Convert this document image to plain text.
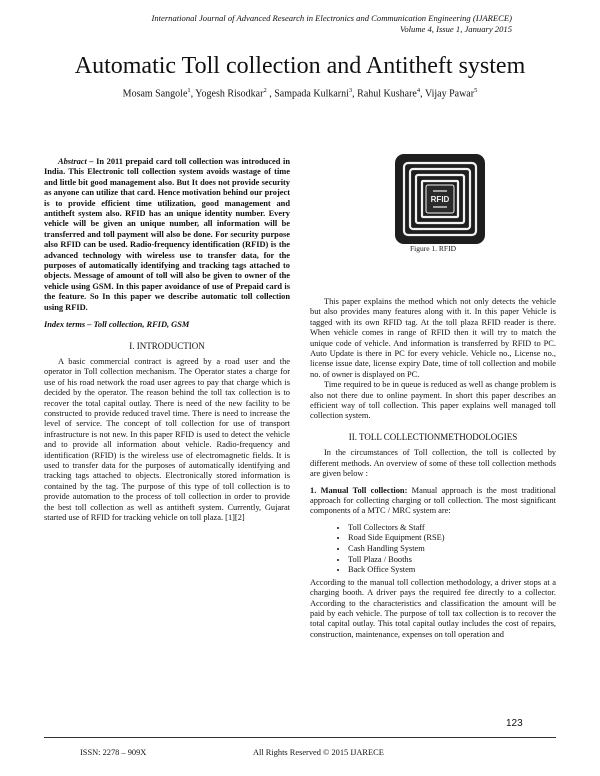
International Journal of Advanced Research in Electronics and Communication Engineering (IJARECE)
Volume 4, Issue 1, January 2015
Automatic Toll collection and Antitheft system
Mosam Sangole$^1$, Yogesh Risodkar$^2$ , Sampada Kulkarni$^3$, Rahul Kushare$^4$, Vijay Pawar$^5$

Abstract – In 2011 prepaid card toll collection was introduced in India. This Electronic toll collection system avoids wastage of time and little bit good management also. But It does not provide security as anyone can utilize that card. Hence motivation behind our project is to provide efficient time utilization, good management and antitheft system also. RFID has an unique identity number. Every vehicle will be given an unique number, all information will be transferred and toll payment will also be done. For security purpose also RFID can be used. Radio-frequency identification (RFID) is the advanced technology with wireless use to transfer data, for the purposes of automatically identifying and tracking tags attached to objects. Message of amount of toll will also be given to owner of the vehicle using GSM. In this paper avoidance of use of Prepaid card is the feature. So In this paper we describe automatic toll collection using RFID.

Index terms – Toll collection, RFID, GSM
I. INTRODUCTION

A basic commercial contract is agreed by a road user and the operator in Toll collection mechanism. The Operator states a charge for use of his road network the road user agrees to pay that charge which is decided by the operator. The reason behind the toll tax collection is to recover the total capital outlay. There is need of the new facility to be constructed to provide reduced travel time. There is need to increase the level of service. The concept of toll collection for use of transport infrastructure is not new. In this paper RFID is used to detect the vehicle and to provide all information about vehicle. Radio-frequency and identification (RFID) is the wireless use of electromagnetic fields. It is used to transfer data for the purposes of automatically identifying and tracking tags attached to objects. Electronically stored information is contained by the tag. The purpose of this type of toll collection is to provide automation to the process of toll collection in order to provide the best toll collection as well as antitheft system. Currently, Gujarat started use of RFID for tracking vehicle on toll plaza. [1][2]

RFID
Figure 1. RFID

This paper explains the method which not only detects the vehicle but also provides many features along with it. In this paper Vehicle is tagged with its own RFID tag. At the toll plaza RFID reader is there. When vehicle comes in range of RFID then it will try to match the unique code of vehicle. And information is transferred by RFID to PC. Auto Update is there in PC for every vehicle. Vehicle no., License no., license issue date, license expiry Date, time of toll collection and mobile no. of owner is displayed on PC.

Time required to be in queue is reduced as well as change problem is also not there due to online payment. In short this paper describes an efficient way of toll collection. This paper explains well managed toll collection system.

II. TOLL COLLECTIONMETHODOLOGIES

In the circumstances of Toll collection, the toll is collected by different methods. An overview of some of these toll collection methods are given below :

1. Manual Toll collection: Manual approach is the most traditional approach for collecting charging or toll collection. The most significant components of a MTC / MRC system are:

• Toll Collectors & Staff
• Road Side Equipment (RSE)
• Cash Handling System
• Toll Plaza / Booths
• Back Office System

According to the manual toll collection methodology, a driver stops at a charging booth. A driver pays the required fee directly to a collector. According to the characteristics and classification the amount will be paid by each vehicle. The purpose of toll tax collection is to recover the total capital outlay. This total capital outlay includes the cost of repairs, construction, maintenance, expenses on toll operation and

123
ISSN: 2278 – 909X	All Rights Reserved © 2015 IJARECE
